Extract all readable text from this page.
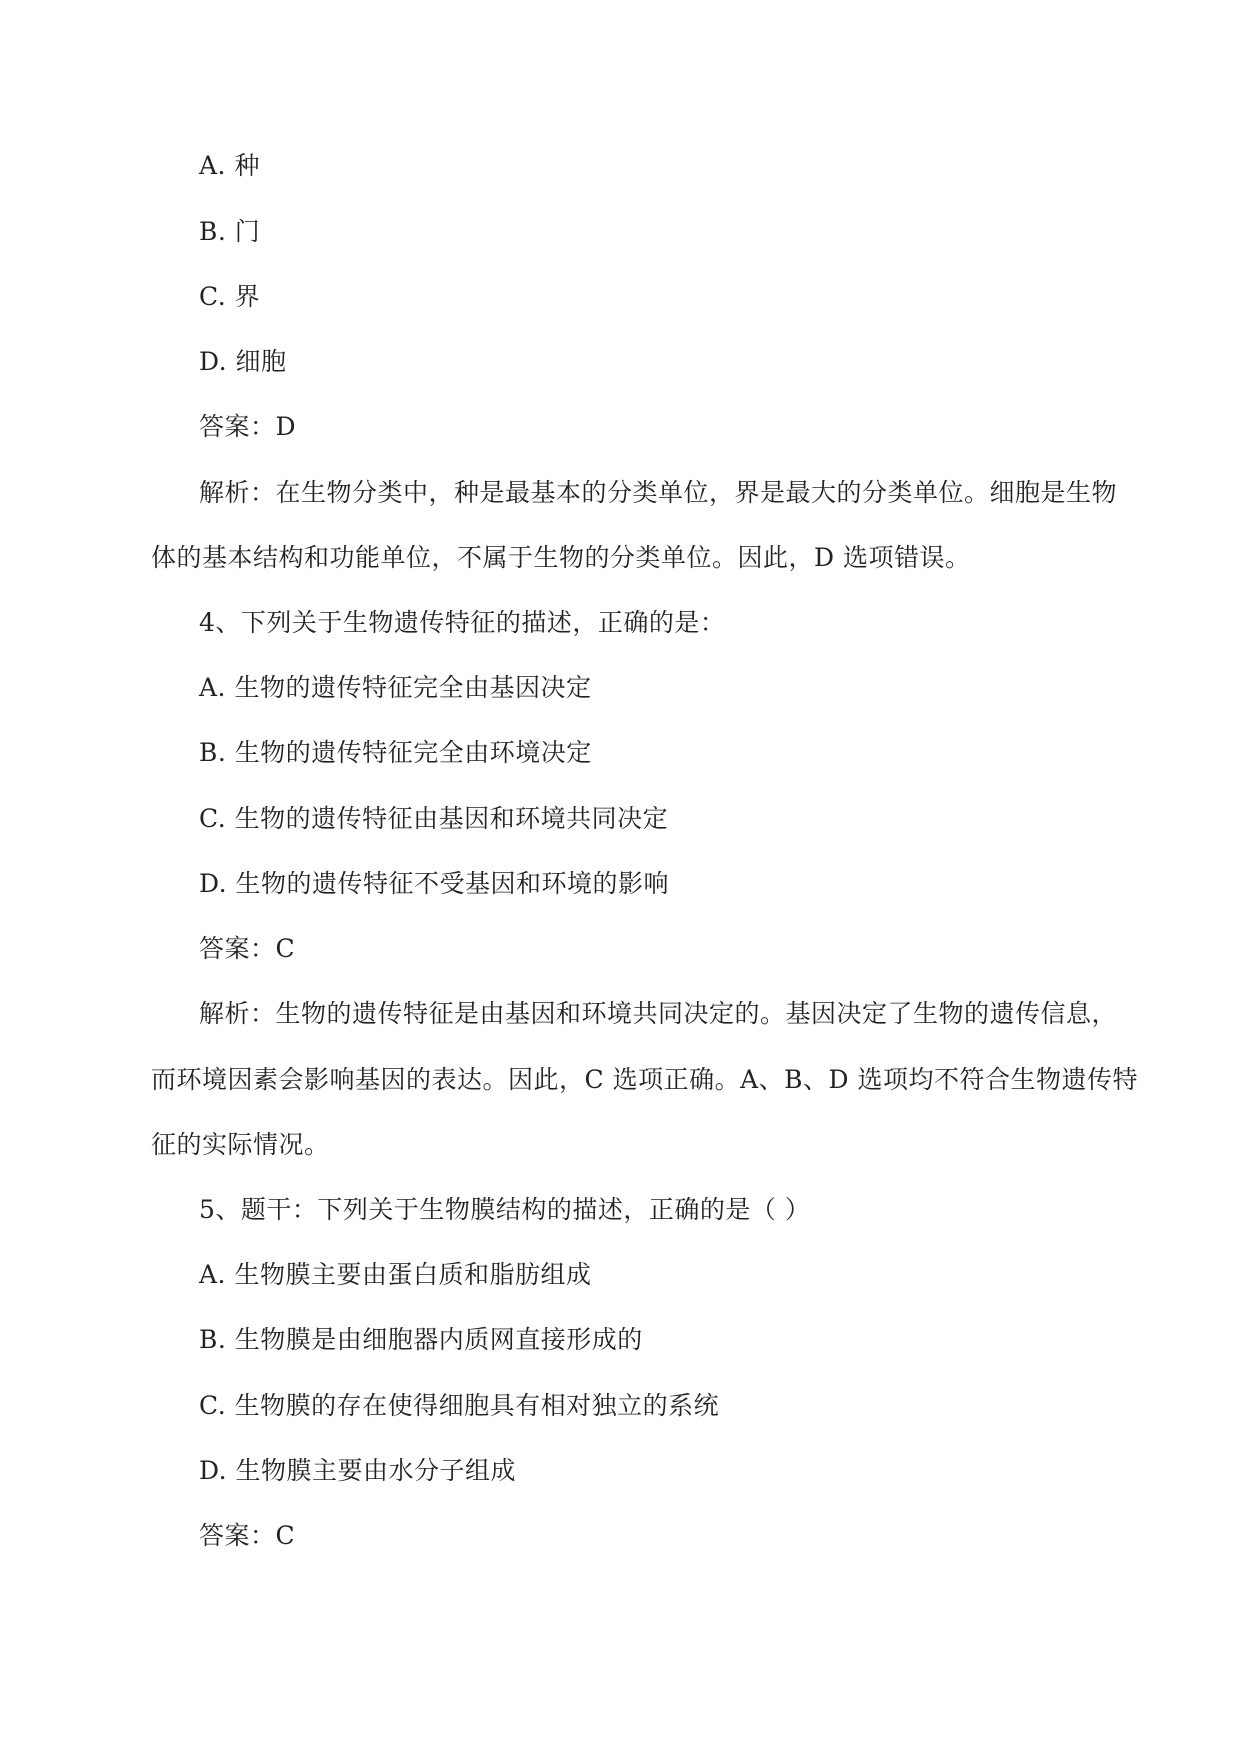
A. 种
B. 门
C. 界
D. 细胞
答案：D
解析：在生物分类中，种是最基本的分类单位，界是最大的分类单位。细胞是生物
体的基本结构和功能单位，不属于生物的分类单位。因此，D 选项错误。
4、下列关于生物遗传特征的描述，正确的是：
A. 生物的遗传特征完全由基因决定
B. 生物的遗传特征完全由环境决定
C. 生物的遗传特征由基因和环境共同决定
D. 生物的遗传特征不受基因和环境的影响
答案：C
解析：生物的遗传特征是由基因和环境共同决定的。基因决定了生物的遗传信息，
而环境因素会影响基因的表达。因此，C 选项正确。A、B、D 选项均不符合生物遗传特
征的实际情况。
5、题干：下列关于生物膜结构的描述，正确的是（ ）
A. 生物膜主要由蛋白质和脂肪组成
B. 生物膜是由细胞器内质网直接形成的
C. 生物膜的存在使得细胞具有相对独立的系统
D. 生物膜主要由水分子组成
答案：C
